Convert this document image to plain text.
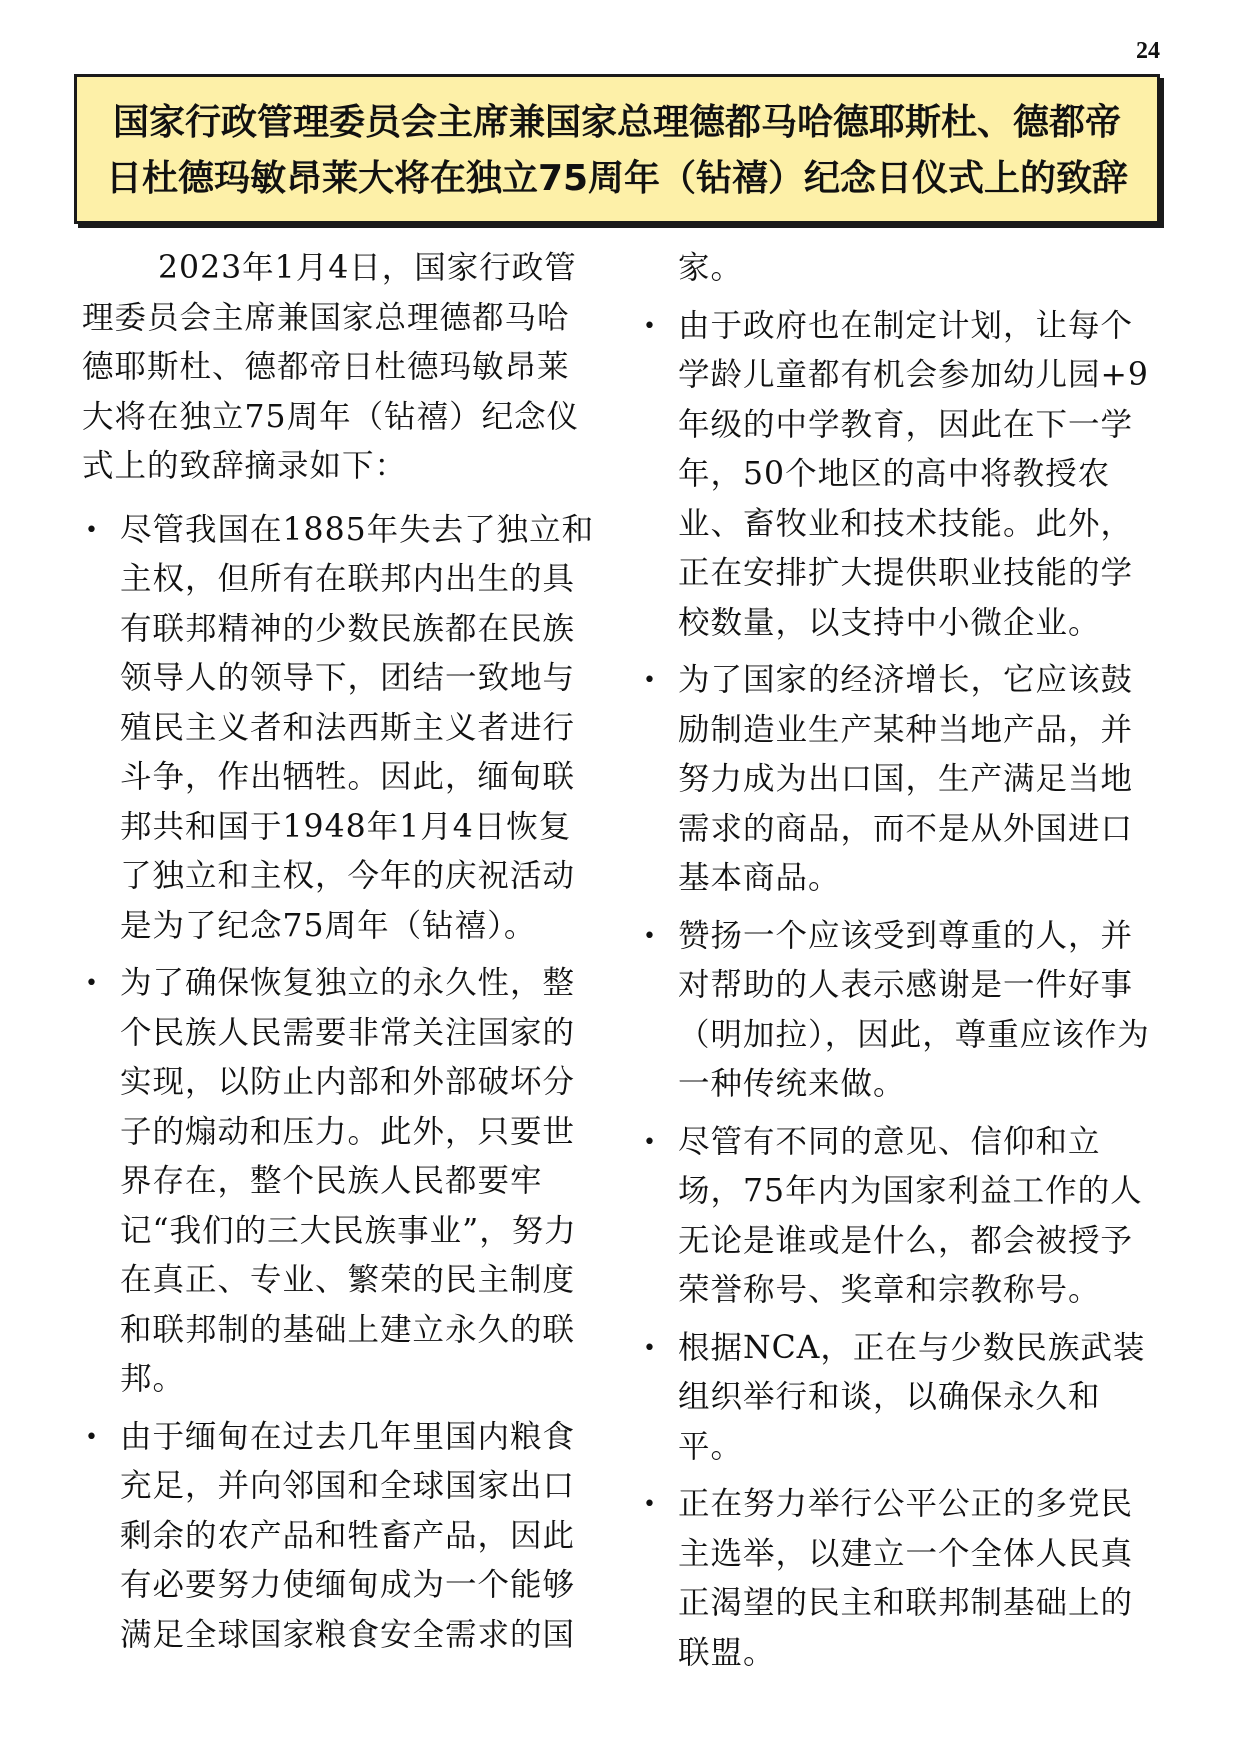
24
国家行政管理委员会主席兼国家总理德都马哈德耶斯杜、德都帝
日杜德玛敏昂莱大将在独立75周年（钻禧）纪念日仪式上的致辞

2023年1月4日，国家行政管理委员会主席兼国家总理德都马哈德耶斯杜、德都帝日杜德玛敏昂莱大将在独立75周年（钻禧）纪念仪式上的致辞摘录如下：

• 尽管我国在1885年失去了独立和主权，但所有在联邦内出生的具有联邦精神的少数民族都在民族领导人的领导下，团结一致地与殖民主义者和法西斯主义者进行斗争，作出牺牲。因此，缅甸联邦共和国于1948年1月4日恢复了独立和主权，今年的庆祝活动是为了纪念75周年（钻禧）。
• 为了确保恢复独立的永久性，整个民族人民需要非常关注国家的实现，以防止内部和外部破坏分子的煽动和压力。此外，只要世界存在，整个民族人民都要牢记“我们的三大民族事业”，努力在真正、专业、繁荣的民主制度和联邦制的基础上建立永久的联邦。
• 由于缅甸在过去几年里国内粮食充足，并向邻国和全球国家出口剩余的农产品和牲畜产品，因此有必要努力使缅甸成为一个能够满足全球国家粮食安全需求的国

家。

• 由于政府也在制定计划，让每个学龄儿童都有机会参加幼儿园+9年级的中学教育，因此在下一学年，50个地区的高中将教授农业、畜牧业和技术技能。此外，正在安排扩大提供职业技能的学校数量，以支持中小微企业。
• 为了国家的经济增长，它应该鼓励制造业生产某种当地产品，并努力成为出口国，生产满足当地需求的商品，而不是从外国进口基本商品。
• 赞扬一个应该受到尊重的人，并对帮助的人表示感谢是一件好事（明加拉），因此，尊重应该作为一种传统来做。
• 尽管有不同的意见、信仰和立场，75年内为国家利益工作的人无论是谁或是什么，都会被授予荣誉称号、奖章和宗教称号。
• 根据NCA，正在与少数民族武装组织举行和谈，以确保永久和平。
• 正在努力举行公平公正的多党民主选举，以建立一个全体人民真正渴望的民主和联邦制基础上的联盟。
